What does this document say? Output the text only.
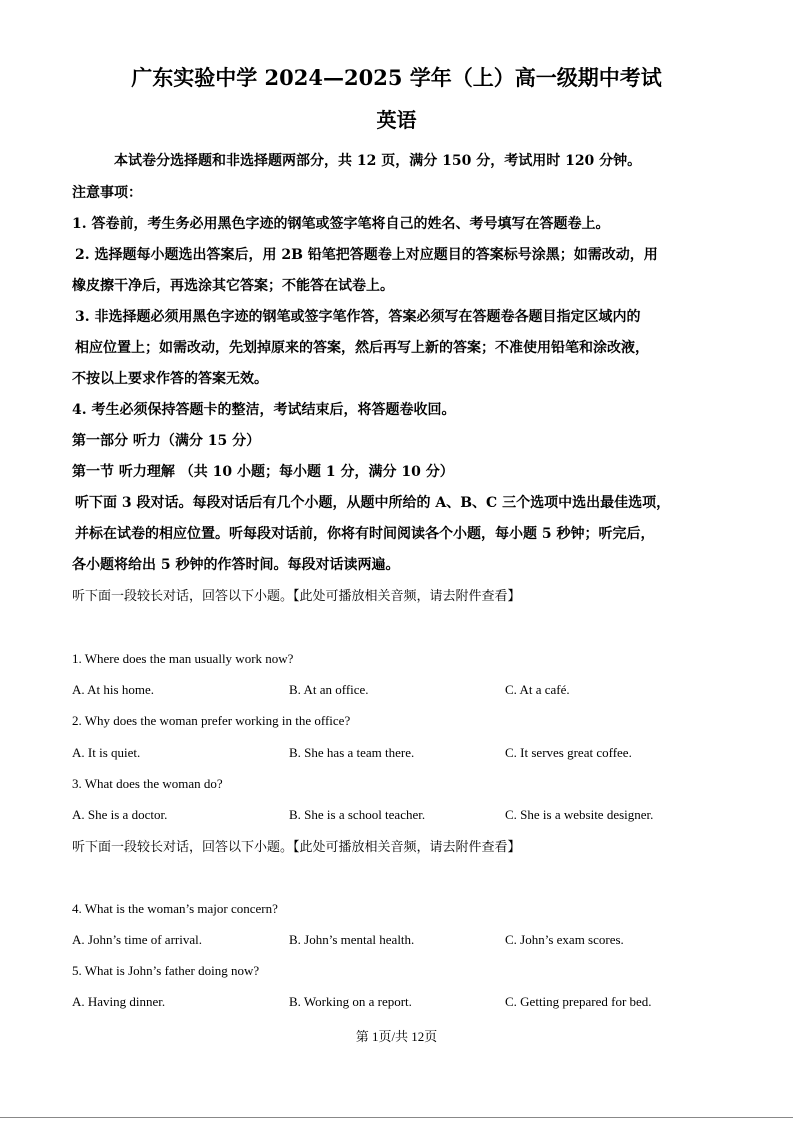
广东实验中学 2024—2025 学年（上）高一级期中考试
英语
本试卷分选择题和非选择题两部分，共 12 页，满分 150 分，考试用时 120 分钟。
注意事项：
1. 答卷前，考生务必用黑色字迹的钢笔或签字笔将自己的姓名、考号填写在答题卷上。
2. 选择题每小题选出答案后，用 2B 铅笔把答题卷上对应题目的答案标号涂黑；如需改动，用
橡皮擦干净后，再选涂其它答案；不能答在试卷上。
3. 非选择题必须用黑色字迹的钢笔或签字笔作答，答案必须写在答题卷各题目指定区域内的
相应位置上；如需改动，先划掉原来的答案，然后再写上新的答案；不准使用铅笔和涂改液，
不按以上要求作答的答案无效。
4. 考生必须保持答题卡的整洁，考试结束后，将答题卷收回。
第一部分 听力（满分 15 分）
第一节 听力理解 （共 10 小题；每小题 1 分，满分 10 分）
听下面 3 段对话。每段对话后有几个小题，从题中所给的 A、B、C 三个选项中选出最佳选项，
并标在试卷的相应位置。听每段对话前，你将有时间阅读各个小题，每小题 5 秒钟；听完后，
各小题将给出 5 秒钟的作答时间。每段对话读两遍。
听下面一段较长对话，回答以下小题。【此处可播放相关音频，请去附件查看】
1. Where does the man usually work now?
A. At his home.	B. At an office.	C. At a café.
2. Why does the woman prefer working in the office?
A. It is quiet.	B. She has a team there.	C. It serves great coffee.
3. What does the woman do?
A. She is a doctor.	B. She is a school teacher.	C. She is a website designer.
听下面一段较长对话，回答以下小题。【此处可播放相关音频，请去附件查看】
4. What is the woman’s major concern?
A. John’s time of arrival.	B. John’s mental health.	C. John’s exam scores.
5. What is John’s father doing now?
A. Having dinner.	B. Working on a report.	C. Getting prepared for bed.
第 1页/共 12页
